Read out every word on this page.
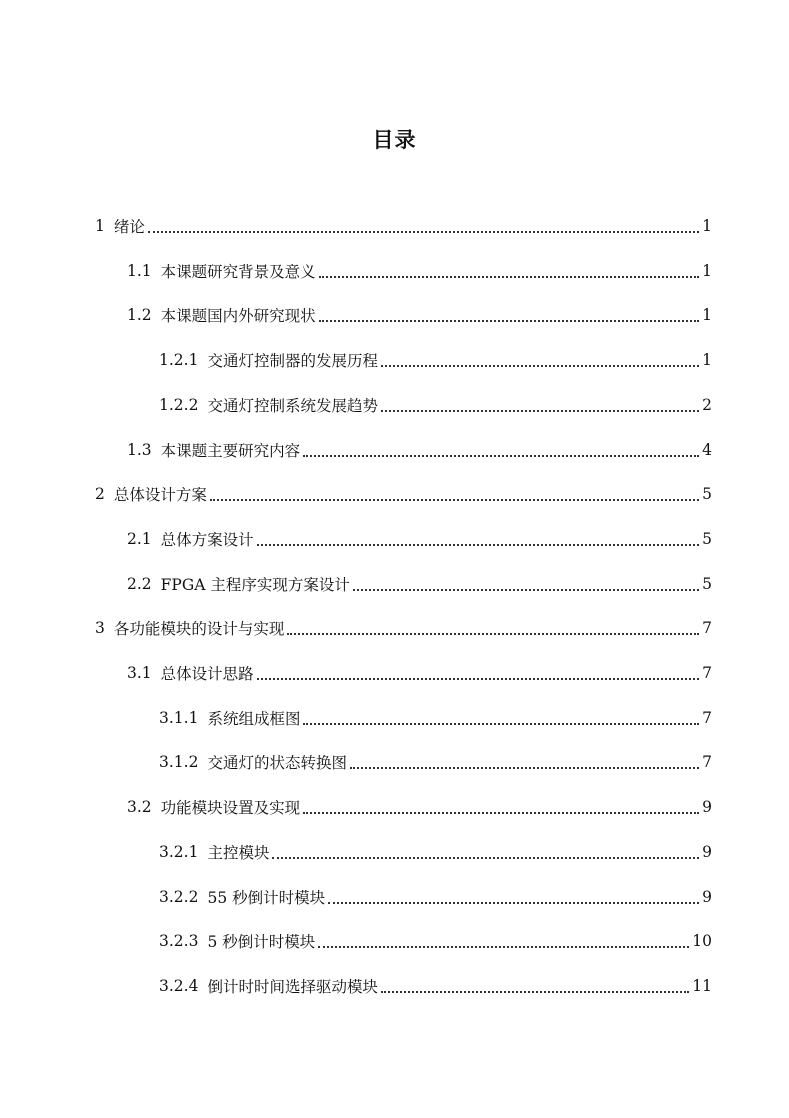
目录
1 绪论	1
1.1 本课题研究背景及意义	1
1.2 本课题国内外研究现状	1
1.2.1 交通灯控制器的发展历程	1
1.2.2 交通灯控制系统发展趋势	2
1.3 本课题主要研究内容	4
2 总体设计方案	5
2.1 总体方案设计	5
2.2 FPGA 主程序实现方案设计	5
3 各功能模块的设计与实现	7
3.1 总体设计思路	7
3.1.1 系统组成框图	7
3.1.2 交通灯的状态转换图	7
3.2 功能模块设置及实现	9
3.2.1 主控模块	9
3.2.2 55 秒倒计时模块	9
3.2.3 5 秒倒计时模块	10
3.2.4 倒计时时间选择驱动模块	11
